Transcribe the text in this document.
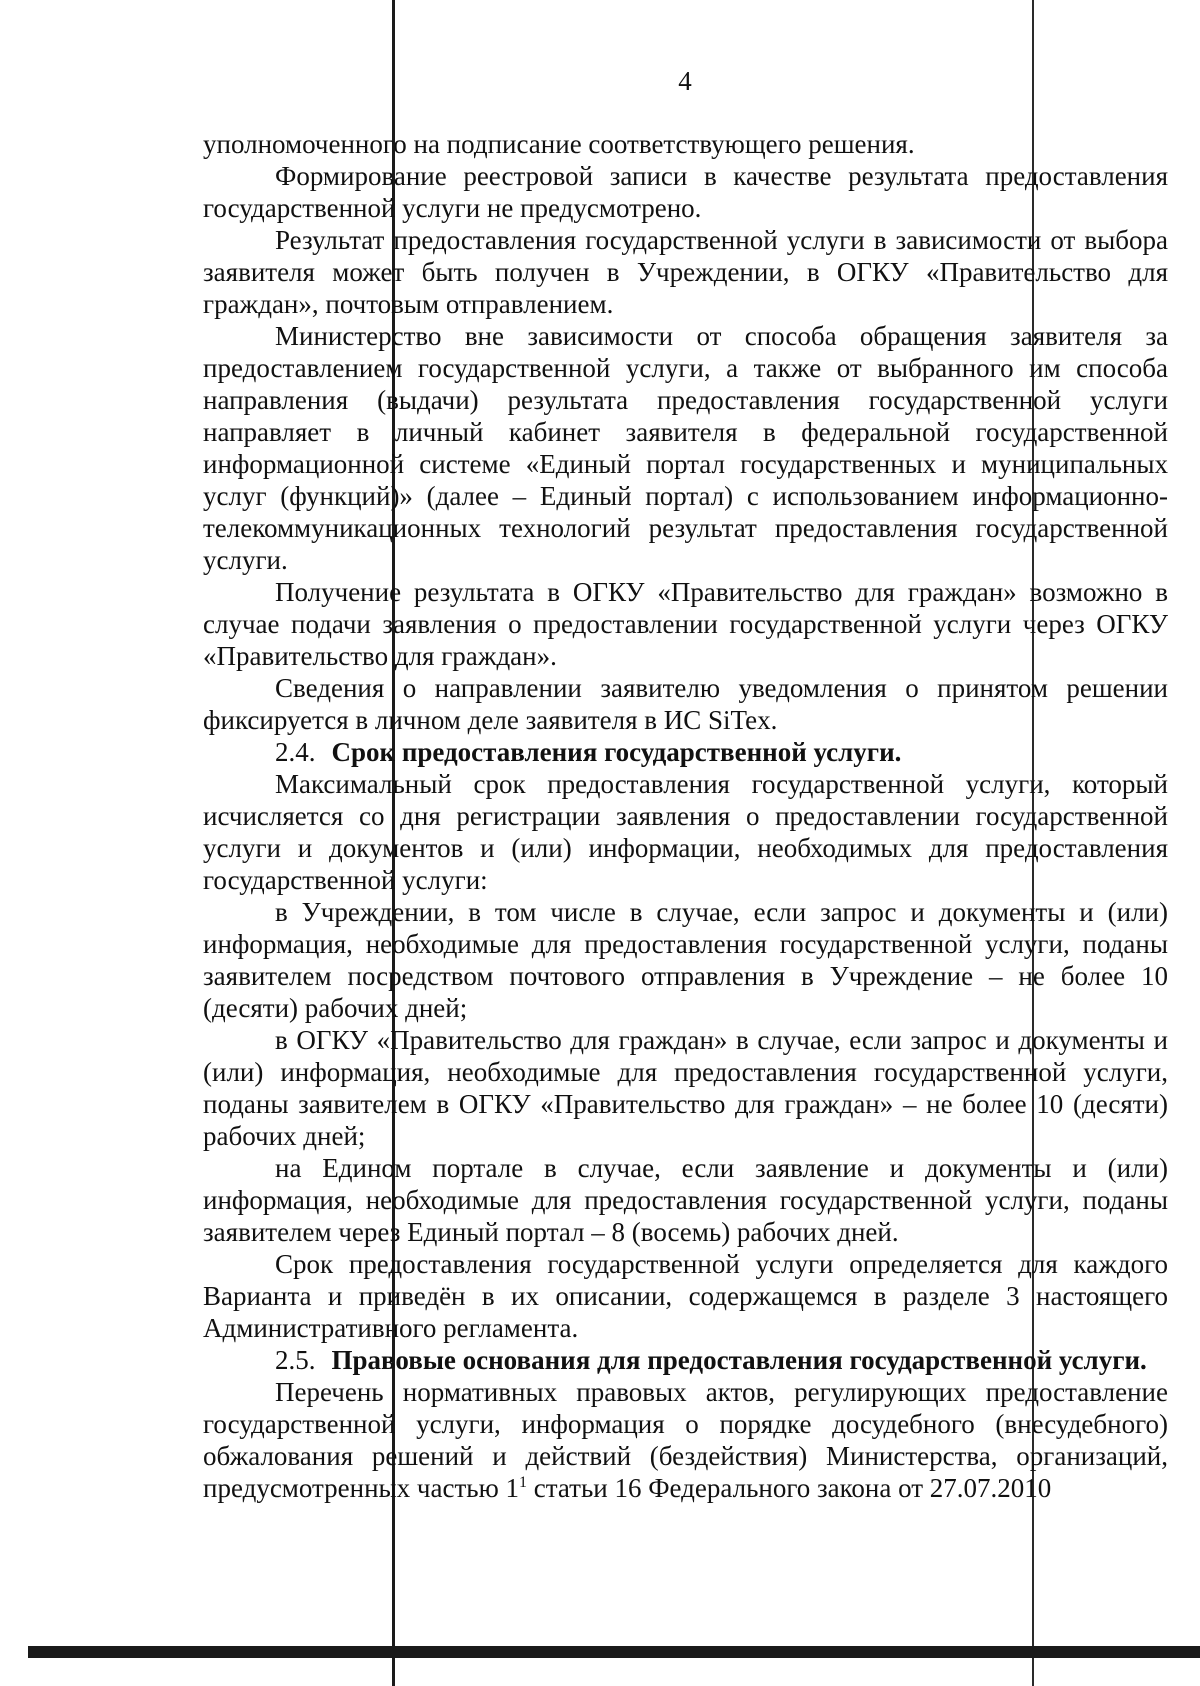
4

уполномоченного на подписание соответствующего решения.

Формирование реестровой записи в качестве результата предоставления государственной услуги не предусмотрено.

Результат предоставления государственной услуги в зависимости от выбора заявителя может быть получен в Учреждении, в ОГКУ «Правительство для граждан», почтовым отправлением.

Министерство вне зависимости от способа обращения заявителя за предоставлением государственной услуги, а также от выбранного им способа направления (выдачи) результата предоставления государственной услуги направляет в личный кабинет заявителя в федеральной государственной информационной системе «Единый портал государственных и муниципальных услуг (функций)» (далее – Единый портал) с использованием информационно-телекоммуникационных технологий результат предоставления государственной услуги.

Получение результата в ОГКУ «Правительство для граждан» возможно в случае подачи заявления о предоставлении государственной услуги через ОГКУ «Правительство для граждан».

Сведения о направлении заявителю уведомления о принятом решении фиксируется в личном деле заявителя в ИС SiTex.

2.4. Срок предоставления государственной услуги.

Максимальный срок предоставления государственной услуги, который исчисляется со дня регистрации заявления о предоставлении государственной услуги и документов и (или) информации, необходимых для предоставления государственной услуги:

в Учреждении, в том числе в случае, если запрос и документы и (или) информация, необходимые для предоставления государственной услуги, поданы заявителем посредством почтового отправления в Учреждение – не более 10 (десяти) рабочих дней;

в ОГКУ «Правительство для граждан» в случае, если запрос и документы и (или) информация, необходимые для предоставления государственной услуги, поданы заявителем в ОГКУ «Правительство для граждан» – не более 10 (десяти) рабочих дней;

на Едином портале в случае, если заявление и документы и (или) информация, необходимые для предоставления государственной услуги, поданы заявителем через Единый портал – 8 (восемь) рабочих дней.

Срок предоставления государственной услуги определяется для каждого Варианта и приведён в их описании, содержащемся в разделе 3 настоящего Административного регламента.

2.5. Правовые основания для предоставления государственной услуги.

Перечень нормативных правовых актов, регулирующих предоставление государственной услуги, информация о порядке досудебного (внесудебного) обжалования решений и действий (бездействия) Министерства, организаций, предусмотренных частью $1^1$ статьи 16 Федерального закона от 27.07.2010
